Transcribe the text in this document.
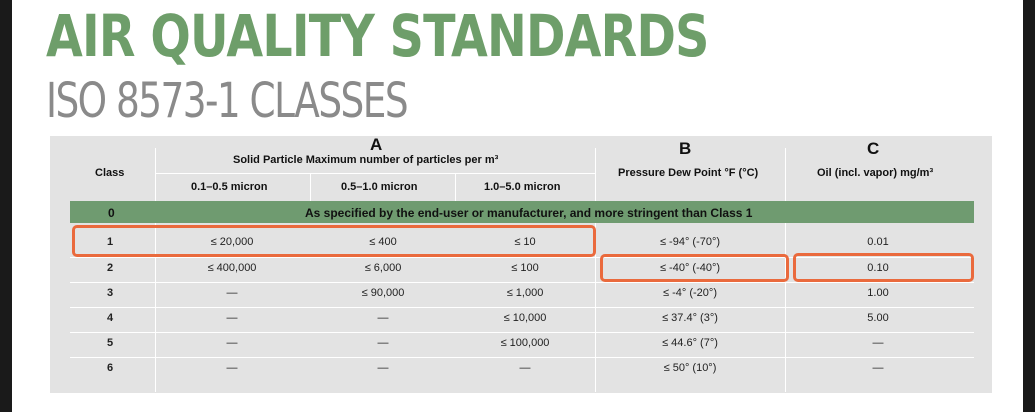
AIR QUALITY STANDARDS
ISO 8573-1 CLASSES
A	B	C
Class
Solid Particle Maximum number of particles per m³
0.1–0.5 micron	0.5–1.0 micron	1.0–5.0 micron
Pressure Dew Point °F (°C)	Oil (incl. vapor) mg/m³
0	As specified by the end-user or manufacturer, and more stringent than Class 1
1	≤ 20,000	≤ 400	≤ 10	≤ -94° (-70°)	0.01
2	≤ 400,000	≤ 6,000	≤ 100	≤ -40° (-40°)	0.10
3	—	≤ 90,000	≤ 1,000	≤ -4° (-20°)	1.00
4	—	—	≤ 10,000	≤ 37.4° (3°)	5.00
5	—	—	≤ 100,000	≤ 44.6° (7°)	—
6	—	—	—	≤ 50° (10°)	—
